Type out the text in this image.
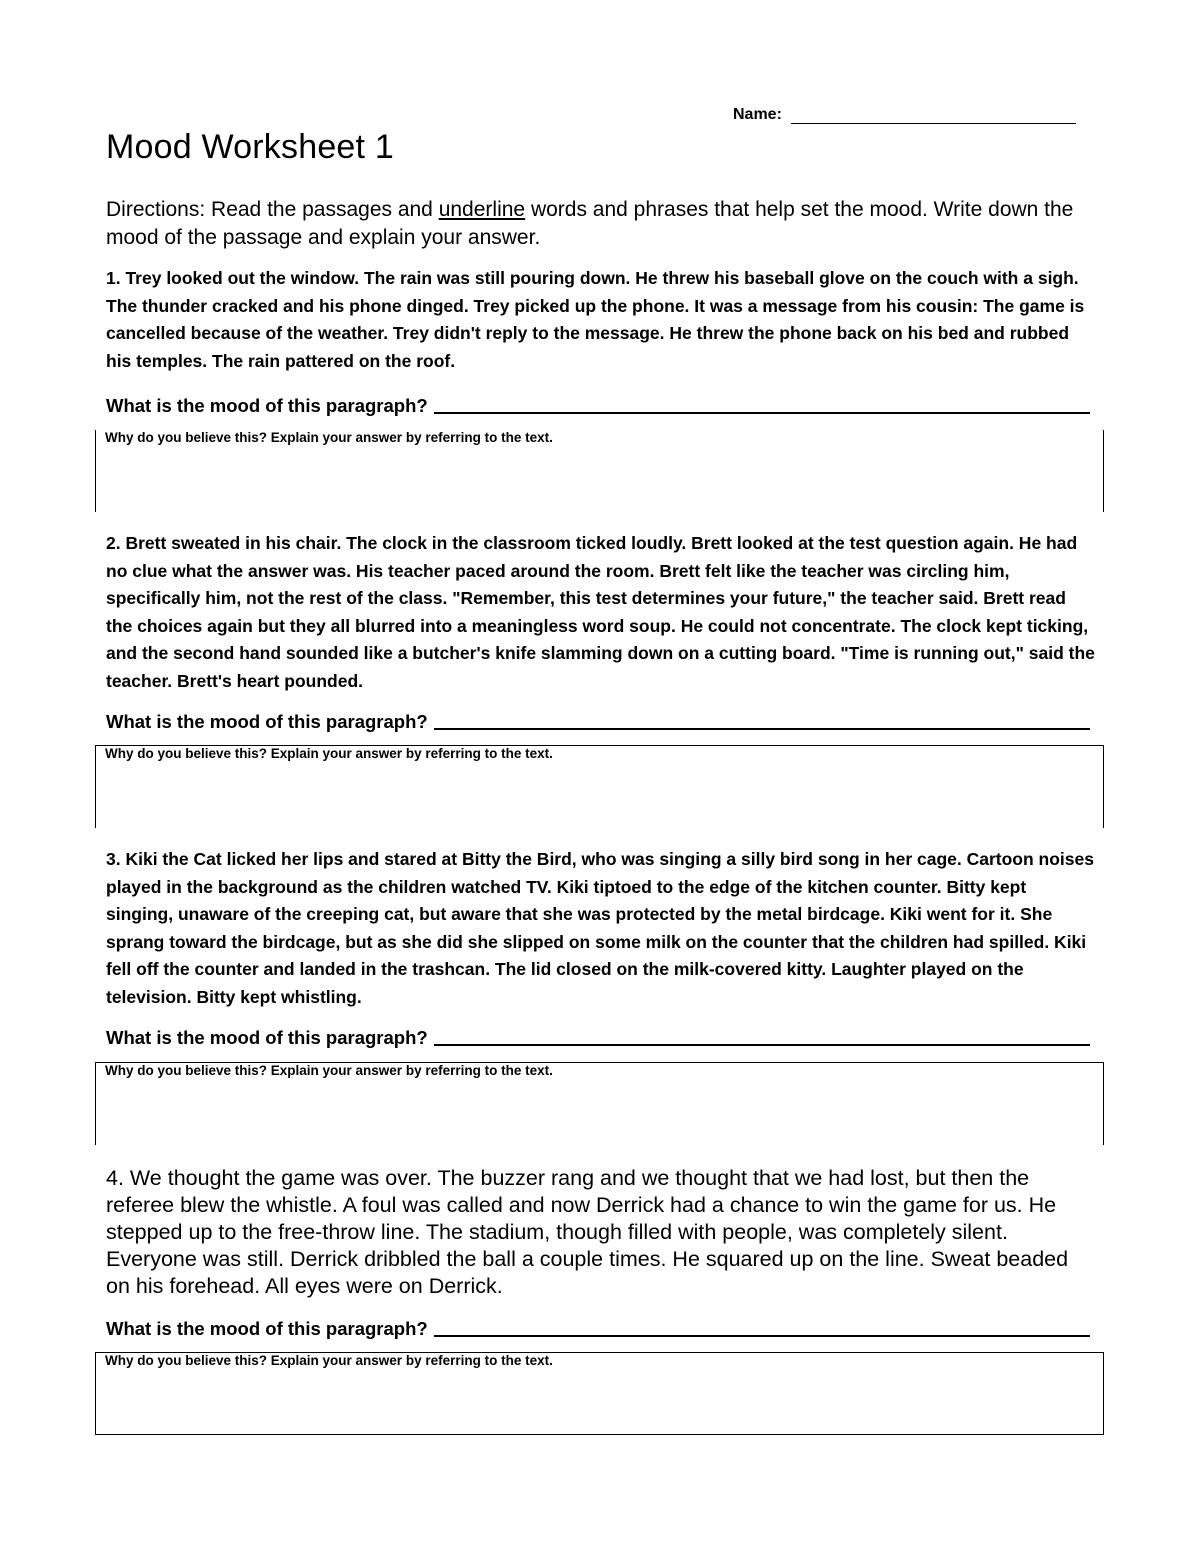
Name:
Mood Worksheet 1

Directions: Read the passages and underline words and phrases that help set the mood. Write down the mood of the passage and explain your answer.

1. Trey looked out the window. The rain was still pouring down. He threw his baseball glove on the couch with a sigh. The thunder cracked and his phone dinged. Trey picked up the phone. It was a message from his cousin: The game is cancelled because of the weather. Trey didn't reply to the message. He threw the phone back on his bed and rubbed his temples. The rain pattered on the roof.

What is the mood of this paragraph?
Why do you believe this? Explain your answer by referring to the text.

2. Brett sweated in his chair. The clock in the classroom ticked loudly. Brett looked at the test question again. He had no clue what the answer was. His teacher paced around the room. Brett felt like the teacher was circling him, specifically him, not the rest of the class. "Remember, this test determines your future," the teacher said. Brett read the choices again but they all blurred into a meaningless word soup. He could not concentrate. The clock kept ticking, and the second hand sounded like a butcher's knife slamming down on a cutting board. "Time is running out," said the teacher. Brett's heart pounded.

What is the mood of this paragraph?
Why do you believe this? Explain your answer by referring to the text.

3. Kiki the Cat licked her lips and stared at Bitty the Bird, who was singing a silly bird song in her cage. Cartoon noises played in the background as the children watched TV. Kiki tiptoed to the edge of the kitchen counter. Bitty kept singing, unaware of the creeping cat, but aware that she was protected by the metal birdcage. Kiki went for it. She sprang toward the birdcage, but as she did she slipped on some milk on the counter that the children had spilled. Kiki fell off the counter and landed in the trashcan. The lid closed on the milk-covered kitty. Laughter played on the television. Bitty kept whistling.

What is the mood of this paragraph?
Why do you believe this? Explain your answer by referring to the text.

4. We thought the game was over. The buzzer rang and we thought that we had lost, but then the referee blew the whistle. A foul was called and now Derrick had a chance to win the game for us. He stepped up to the free-throw line. The stadium, though filled with people, was completely silent. Everyone was still. Derrick dribbled the ball a couple times. He squared up on the line. Sweat beaded on his forehead. All eyes were on Derrick.

What is the mood of this paragraph?
Why do you believe this? Explain your answer by referring to the text.
